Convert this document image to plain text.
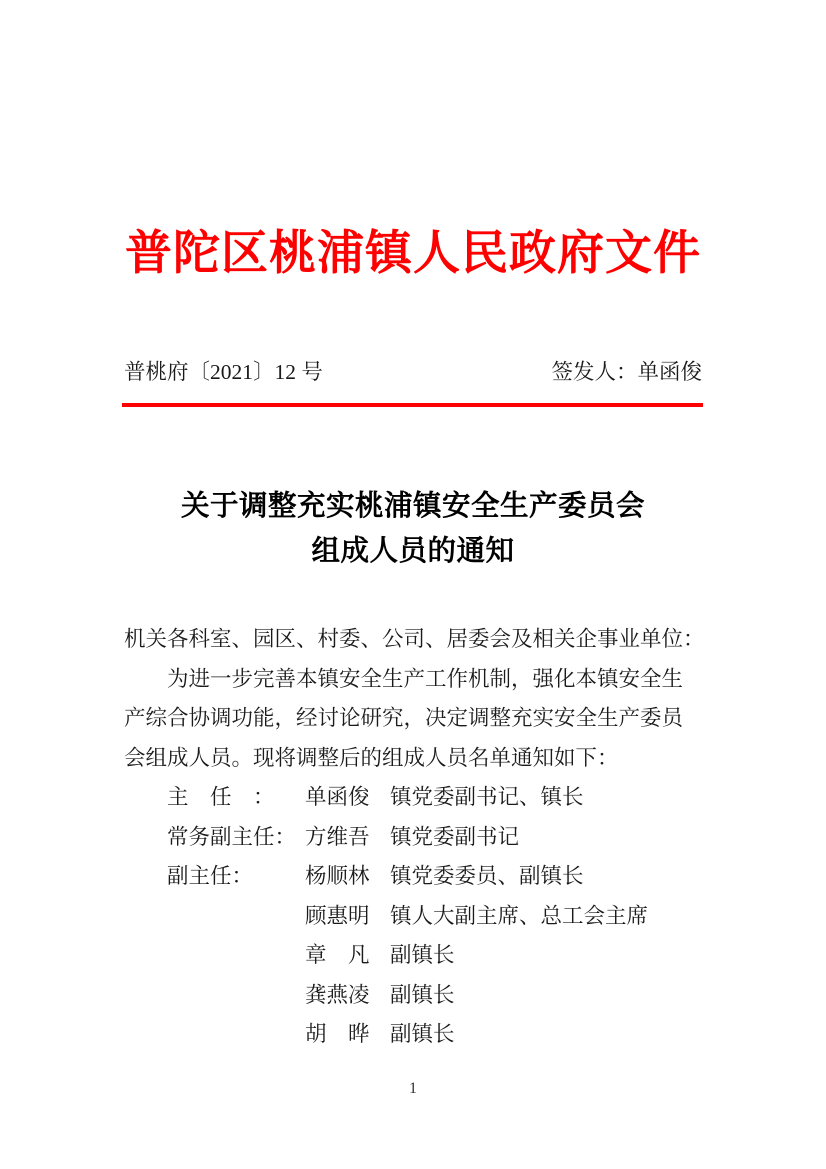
普陀区桃浦镇人民政府文件
普桃府〔2021〕12 号	签发人：单函俊
关于调整充实桃浦镇安全生产委员会
组成人员的通知
机关各科室、园区、村委、公司、居委会及相关企事业单位：
为进一步完善本镇安全生产工作机制，强化本镇安全生
产综合协调功能，经讨论研究，决定调整充实安全生产委员
会组成人员。现将调整后的组成人员名单通知如下：
主　任　：	单函俊 镇党委副书记、镇长
常务副主任： 方维吾 镇党委副书记
副主任：	杨顺林 镇党委委员、副镇长
顾惠明 镇人大副主席、总工会主席
章　凡 副镇长
龚燕凌 副镇长
胡　晔 副镇长
1
